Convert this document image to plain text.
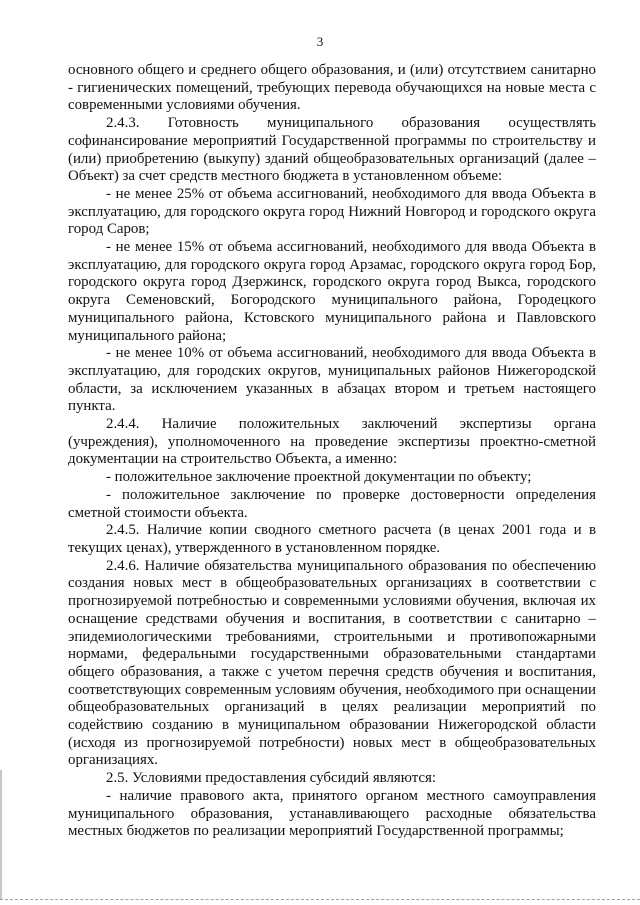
3

основного общего и среднего общего образования, и (или) отсутствием санитарно - гигиенических помещений, требующих перевода обучающихся на новые места с современными условиями обучения.

2.4.3. Готовность муниципального образования осуществлять софинансирование мероприятий Государственной программы по строительству и (или) приобретению (выкупу) зданий общеобразовательных организаций (далее – Объект) за счет средств местного бюджета в установленном объеме:

- не менее 25% от объема ассигнований, необходимого для ввода Объекта в эксплуатацию, для городского округа город Нижний Новгород и городского округа город Саров;

- не менее 15% от объема ассигнований, необходимого для ввода Объекта в эксплуатацию, для городского округа город Арзамас, городского округа город Бор, городского округа город Дзержинск, городского округа город Выкса, городского округа Семеновский, Богородского муниципального района, Городецкого муниципального района, Кстовского муниципального района и Павловского муниципального района;

- не менее 10% от объема ассигнований, необходимого для ввода Объекта в эксплуатацию, для городских округов, муниципальных районов Нижегородской области, за исключением указанных в абзацах втором и третьем настоящего пункта.

2.4.4. Наличие положительных заключений экспертизы органа (учреждения), уполномоченного на проведение экспертизы проектно-сметной документации на строительство Объекта, а именно:

- положительное заключение проектной документации по объекту;

- положительное заключение по проверке достоверности определения сметной стоимости объекта.

2.4.5. Наличие копии сводного сметного расчета (в ценах 2001 года и в текущих ценах), утвержденного в установленном порядке.

2.4.6. Наличие обязательства муниципального образования по обеспечению создания новых мест в общеобразовательных организациях в соответствии с прогнозируемой потребностью и современными условиями обучения, включая их оснащение средствами обучения и воспитания, в соответствии с санитарно – эпидемиологическими требованиями, строительными и противопожарными нормами, федеральными государственными образовательными стандартами общего образования, а также с учетом перечня средств обучения и воспитания, соответствующих современным условиям обучения, необходимого при оснащении общеобразовательных организаций в целях реализации мероприятий по содействию созданию в муниципальном образовании Нижегородской области (исходя из прогнозируемой потребности) новых мест в общеобразовательных организациях.

2.5. Условиями предоставления субсидий являются:

- наличие правового акта, принятого органом местного самоуправления муниципального образования, устанавливающего расходные обязательства местных бюджетов по реализации мероприятий Государственной программы;
